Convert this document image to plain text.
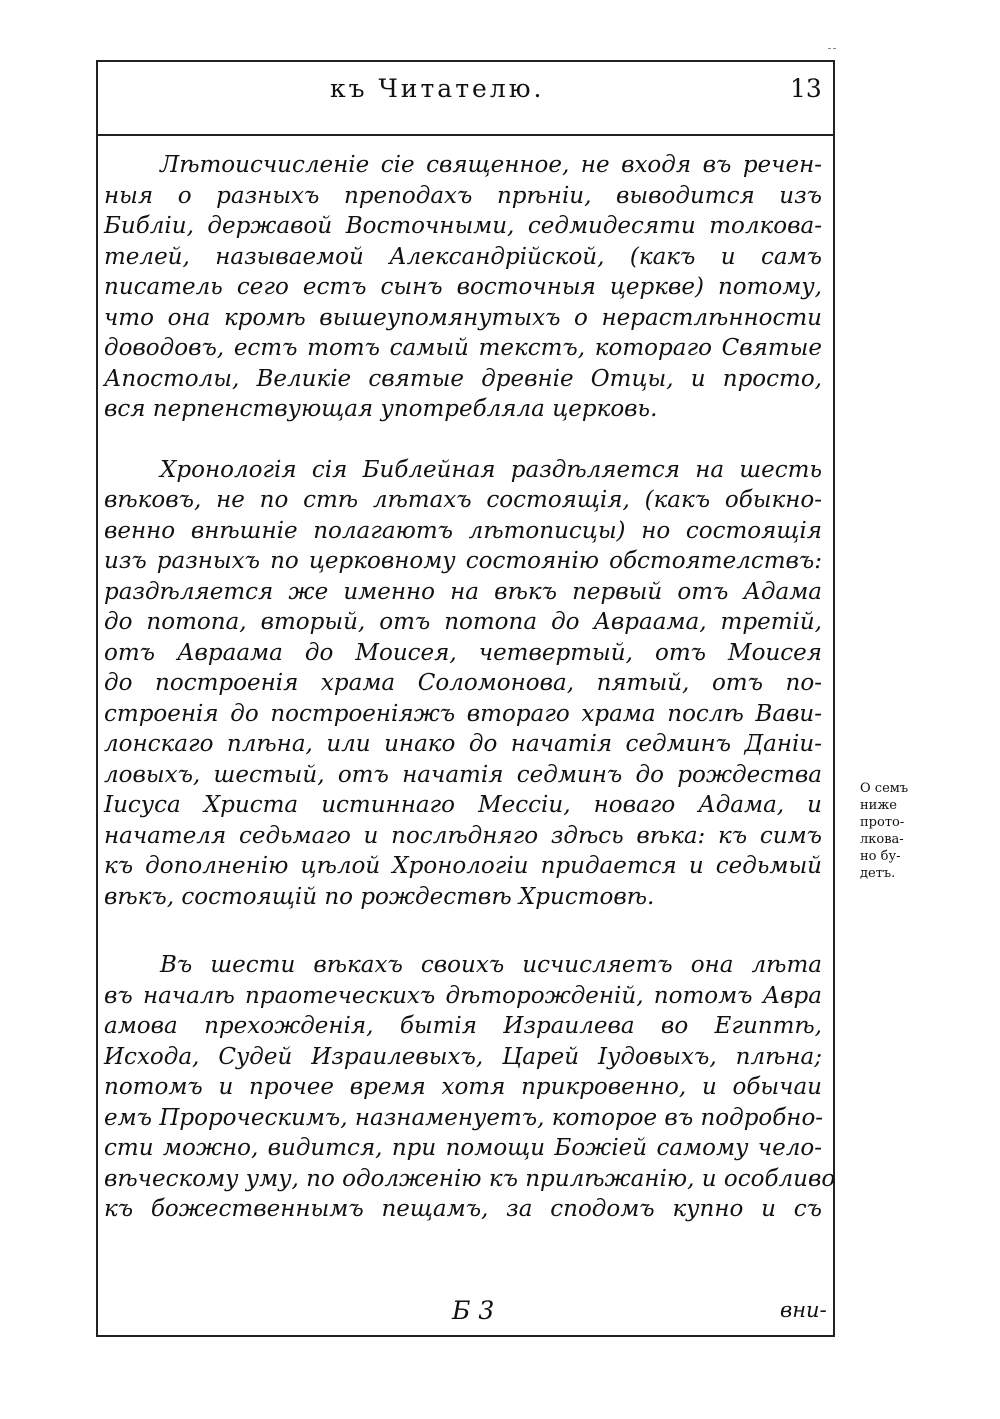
къ Читателю.	13
Лѣтоисчисленіе сіе священное, не входя въ речен-
ныя о разныхъ преподахъ прѣніи, выводится изъ
Библіи, державой Восточными, седмидесяти толкова-
телей, называемой Александрійской, (какъ и самъ
писатель сего естъ сынъ восточныя церкве) потому,
что она кромѣ вышеупомянутыхъ о нерастлѣнности
доводовъ, естъ тотъ самый текстъ, котораго Святые
Апостолы, Великіе святые древніе Отцы, и просто,
вся перпенствующая употребляла церковь.
Хронологія сія Библейная раздѣляется на шесть
вѣковъ, не по стѣ лѣтахъ состоящія, (какъ обыкно-
венно внѣшніе полагаютъ лѣтописцы) но состоящія
изъ разныхъ по церковному состоянію обстоятелствъ:
раздѣляется же именно на вѣкъ первый отъ Адама
до потопа, вторый, отъ потопа до Авраама, третій,
отъ Авраама до Моисея, четвертый, отъ Моисея
до построенія храма Соломонова, пятый, отъ по-
строенія до построеніяжъ втораго храма послѣ Вави-
лонскаго плѣна, или инако до начатія седминъ Даніи-
ловыхъ, шестый, отъ начатія седминъ до рождества
Іисуса Христа истиннаго Мессіи, новаго Адама, и
начателя седьмаго и послѣдняго здѣсь вѣка: къ симъ
къ дополненію цѣлой Хронологіи придается и седьмый
вѣкъ, состоящій по рождествѣ Христовѣ.
Въ шести вѣкахъ своихъ исчисляетъ она лѣта
въ началѣ праотеческихъ дѣторожденій, потомъ Авра
амова прехожденія, бытія Израилева во Египтѣ,
Исхода, Судей Израилевыхъ, Царей Іудовыхъ, плѣна;
потомъ и прочее время хотя прикровенно, и обычаи
емъ Пророческимъ, назнаменуетъ, которое въ подробно-
сти можно, видится, при помощи Божіей самому чело-
вѣческому уму, по одолженію къ прилѣжанію, и особливо
къ божественнымъ пещамъ, за сподомъ купно и съ
О семъ
ниже
прото-
лкова-
но бу-
детъ.
Б 3	вни-
